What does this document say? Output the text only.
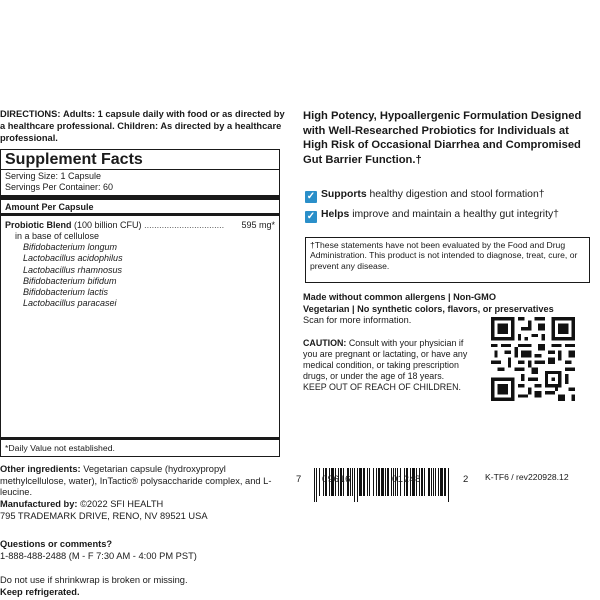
DIRECTIONS: Adults: 1 capsule daily with food or as directed by a healthcare professional. Children: As directed by a healthcare professional.
Supplement Facts
Serving Size: 1 Capsule
Servings Per Container: 60
Amount Per Capsule
Probiotic Blend (100 billion CFU) ................................ 595 mg*
in a base of cellulose
Bifidobacterium longum
Lactobacillus acidophilus
Lactobacillus rhamnosus
Bifidobacterium bifidum
Bifidobacterium lactis
Lactobacillus paracasei
*Daily Value not established.
Other ingredients: Vegetarian capsule (hydroxypropyl methylcellulose, water), InTactic® polysaccharide complex, and L-leucine.
Manufactured by: ©2022 SFI HEALTH
795 TRADEMARK DRIVE, RENO, NV 89521 USA
Questions or comments?
1-888-488-2488 (M - F 7:30 AM - 4:00 PM PST)
Do not use if shrinkwrap is broken or missing.
Keep refrigerated.
High Potency, Hypoallergenic Formulation Designed with Well-Researched Probiotics for Individuals at High Risk of Occasional Diarrhea and Compromised Gut Barrier Function.†
✓ Supports healthy digestion and stool formation†
✓ Helps improve and maintain a healthy gut integrity†
†These statements have not been evaluated by the Food and Drug Administration. This product is not intended to diagnose, treat, cure, or prevent any disease.
Made without common allergens | Non-GMO
Vegetarian | No synthetic colors, flavors, or preservatives
Scan for more information.
CAUTION: Consult with your physician if you are pregnant or lactating, or have any medical condition, or taking prescription drugs, or under the age of 18 years.
KEEP OUT OF REACH OF CHILDREN.
7 09616	01248	2 K-TF6 / rev220928.12
